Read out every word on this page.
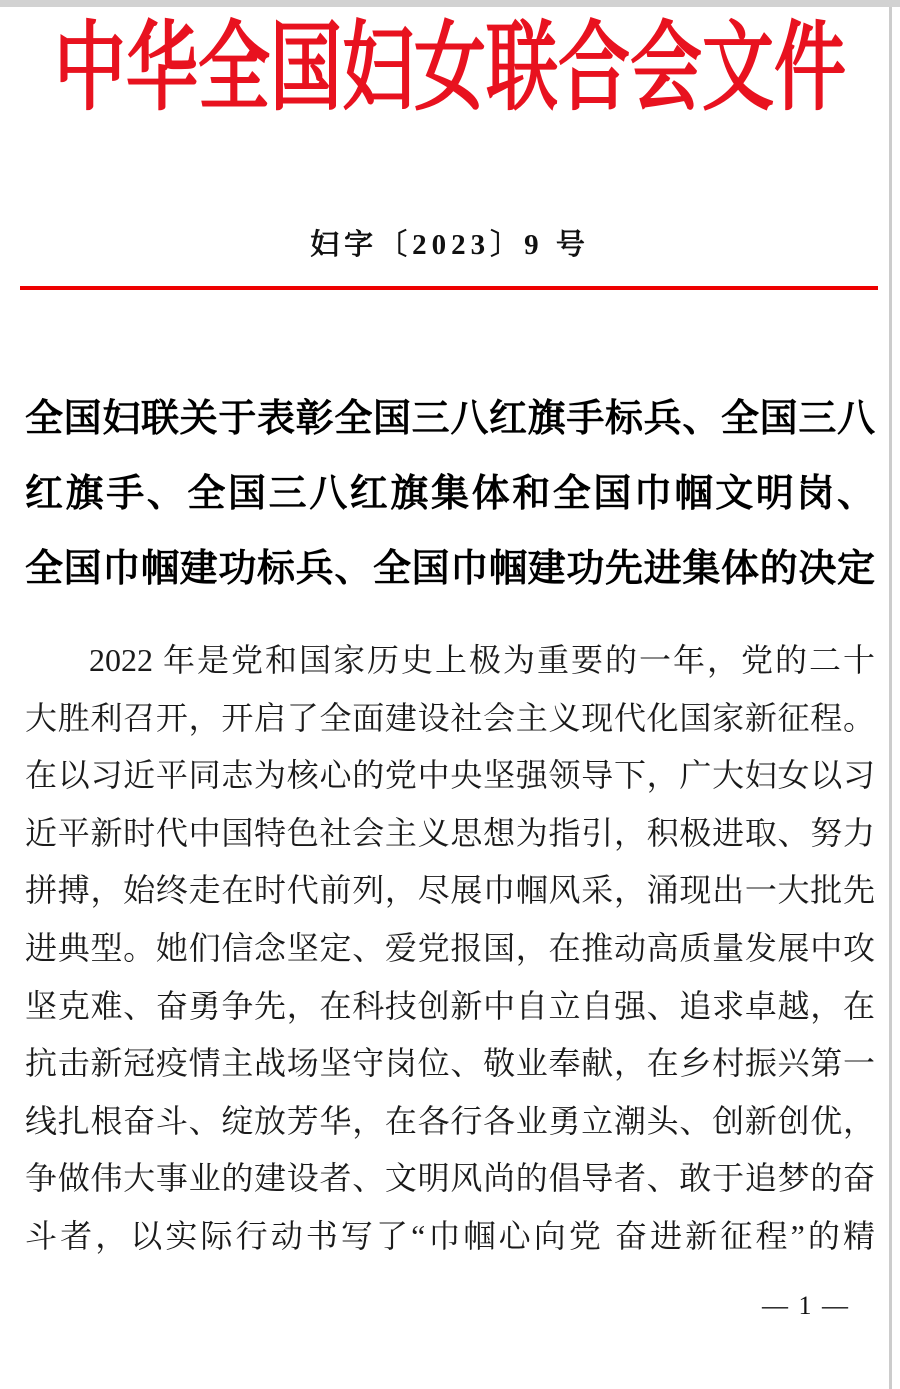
中华全国妇女联合会文件
妇字〔2023〕9 号
全国妇联关于表彰全国三八红旗手标兵、全国三八
红旗手、全国三八红旗集体和全国巾帼文明岗、
全国巾帼建功标兵、全国巾帼建功先进集体的决定
2022 年是党和国家历史上极为重要的一年，党的二十
大胜利召开，开启了全面建设社会主义现代化国家新征程。
在以习近平同志为核心的党中央坚强领导下，广大妇女以习
近平新时代中国特色社会主义思想为指引，积极进取、努力
拼搏，始终走在时代前列，尽展巾帼风采，涌现出一大批先
进典型。她们信念坚定、爱党报国，在推动高质量发展中攻
坚克难、奋勇争先，在科技创新中自立自强、追求卓越，在
抗击新冠疫情主战场坚守岗位、敬业奉献，在乡村振兴第一
线扎根奋斗、绽放芳华，在各行各业勇立潮头、创新创优，
争做伟大事业的建设者、文明风尚的倡导者、敢于追梦的奋
斗者，以实际行动书写了“巾帼心向党 奋进新征程”的精
— 1 —
